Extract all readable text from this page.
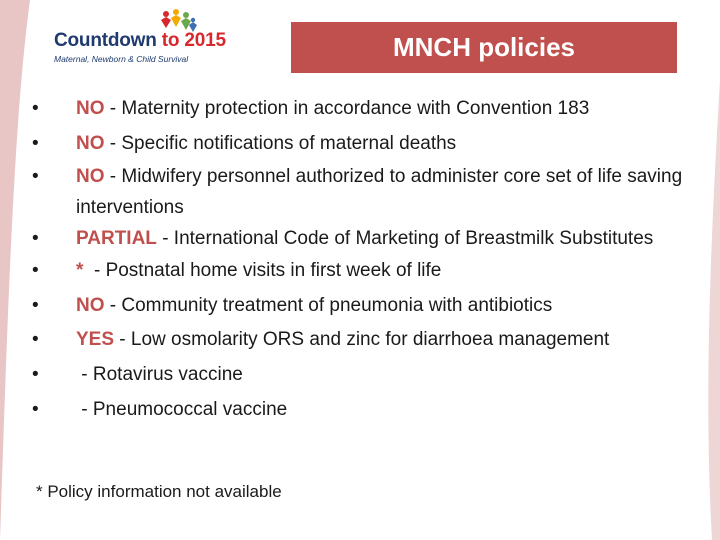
Countdown to 2015
Maternal, Newborn & Child Survival	MNCH policies
• NO - Maternity protection in accordance with Convention 183
• NO - Specific notifications of maternal deaths
• NO - Midwifery personnel authorized to administer core set of life saving interventions
• PARTIAL - International Code of Marketing of Breastmilk Substitutes
• *  - Postnatal home visits in first week of life
• NO - Community treatment of pneumonia with antibiotics
• YES - Low osmolarity ORS and zinc for diarrhoea management
• - Rotavirus vaccine
• - Pneumococcal vaccine
* Policy information not available
